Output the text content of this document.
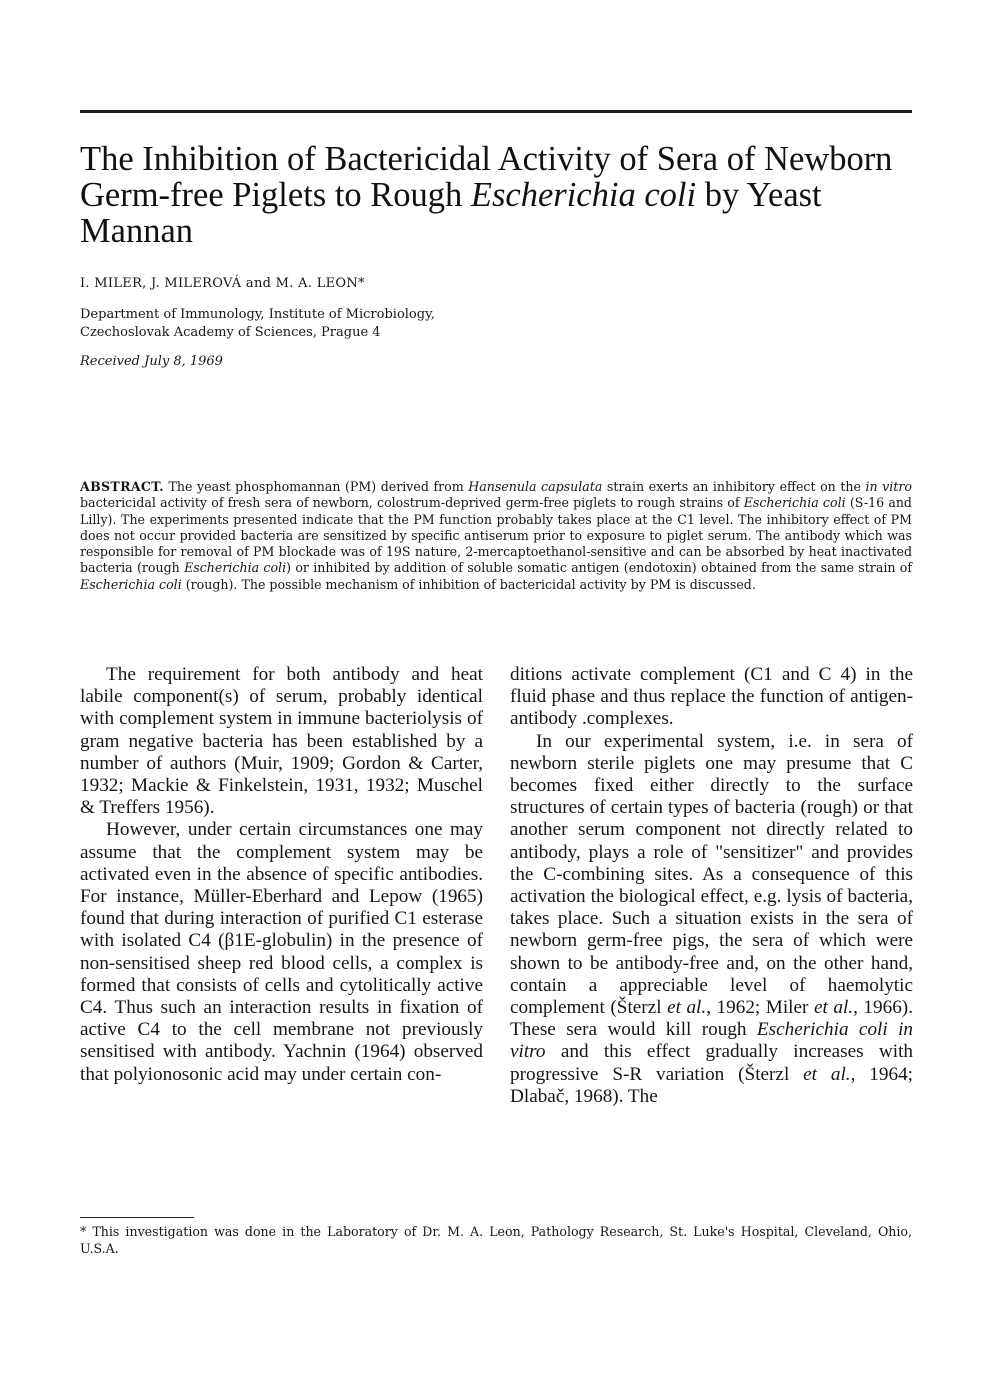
The Inhibition of Bactericidal Activity of Sera of Newborn Germ-free Piglets to Rough Escherichia coli by Yeast Mannan
I. MILER, J. MILEROVÁ and M. A. LEON*
Department of Immunology, Institute of Microbiology,
Czechoslovak Academy of Sciences, Prague 4
Received July 8, 1969
ABSTRACT. The yeast phosphomannan (PM) derived from Hansenula capsulata strain exerts an inhibitory effect on the in vitro bactericidal activity of fresh sera of newborn, colostrum-deprived germ-free piglets to rough strains of Escherichia coli (S-16 and Lilly). The experiments presented indicate that the PM function probably takes place at the C1 level. The inhibitory effect of PM does not occur provided bacteria are sensitized by specific antiserum prior to exposure to piglet serum. The antibody which was responsible for removal of PM blockade was of 19S nature, 2-mercaptoethanol-sensitive and can be absorbed by heat inactivated bacteria (rough Escherichia coli) or inhibited by addition of soluble somatic antigen (endotoxin) obtained from the same strain of Escherichia coli (rough). The possible mechanism of inhibition of bactericidal activity by PM is discussed.

The requirement for both antibody and heat labile component(s) of serum, probably identical with complement system in immune bacteriolysis of gram negative bacteria has been established by a number of authors (Muir, 1909; Gordon & Carter, 1932; Mackie & Finkelstein, 1931, 1932; Muschel & Treffers 1956).

However, under certain circumstances one may assume that the complement system may be activated even in the absence of specific antibodies. For instance, Müller-Eberhard and Lepow (1965) found that during interaction of purified C1 esterase with isolated C4 (β1E-globulin) in the presence of non-sensitised sheep red blood cells, a complex is formed that consists of cells and cytolitically active C4. Thus such an interaction results in fixation of active C4 to the cell membrane not previously sensitised with antibody. Yachnin (1964) observed that polyionosonic acid may under certain con-

ditions activate complement (C1 and C 4) in the fluid phase and thus replace the function of antigen-antibody .complexes.

In our experimental system, i.e. in sera of newborn sterile piglets one may presume that C becomes fixed either directly to the surface structures of certain types of bacteria (rough) or that another serum component not directly related to antibody, plays a role of "sensitizer" and provides the C-combining sites. As a consequence of this activation the biological effect, e.g. lysis of bacteria, takes place. Such a situation exists in the sera of newborn germ-free pigs, the sera of which were shown to be antibody-free and, on the other hand, contain a appreciable level of haemolytic complement (Šterzl et al., 1962; Miler et al., 1966). These sera would kill rough Escherichia coli in vitro and this effect gradually increases with progressive S-R variation (Šterzl et al., 1964; Dlabač, 1968). The

* This investigation was done in the Laboratory of Dr. M. A. Leon, Pathology Research, St. Luke's Hospital, Cleveland, Ohio, U.S.A.
